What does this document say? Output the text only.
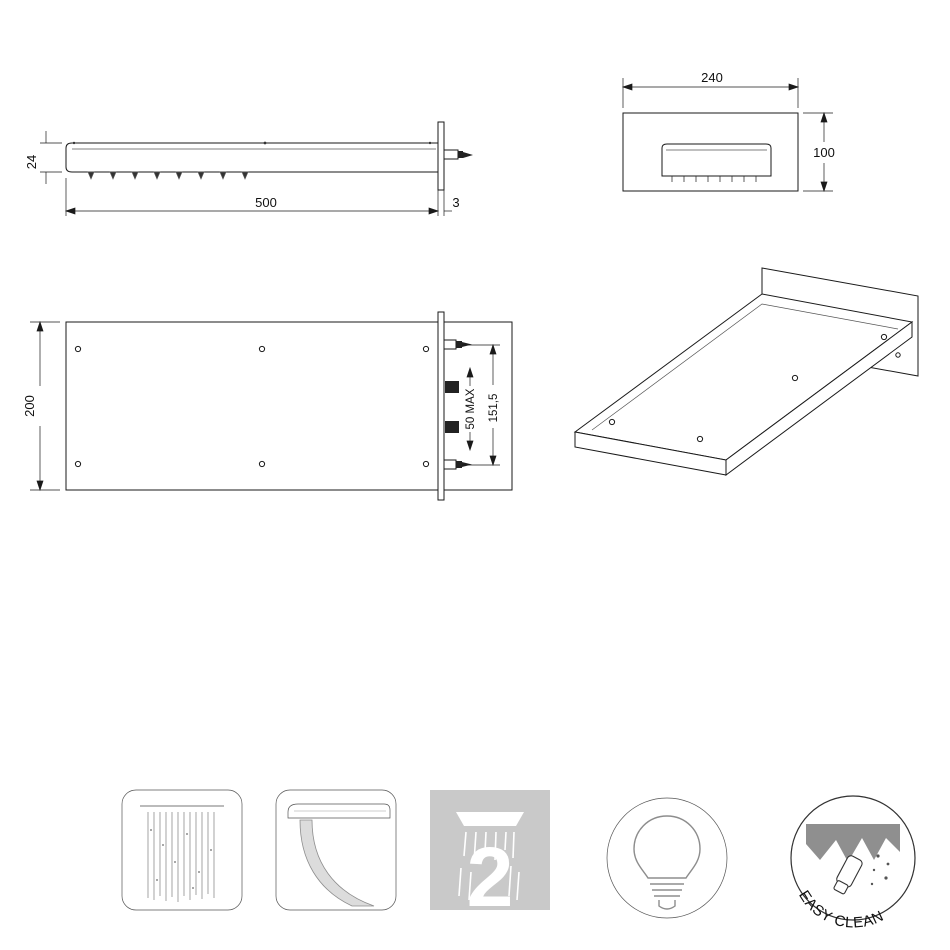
24
500	3
240
100
200	50 MAX 151,5
2	EASY CLEAN
